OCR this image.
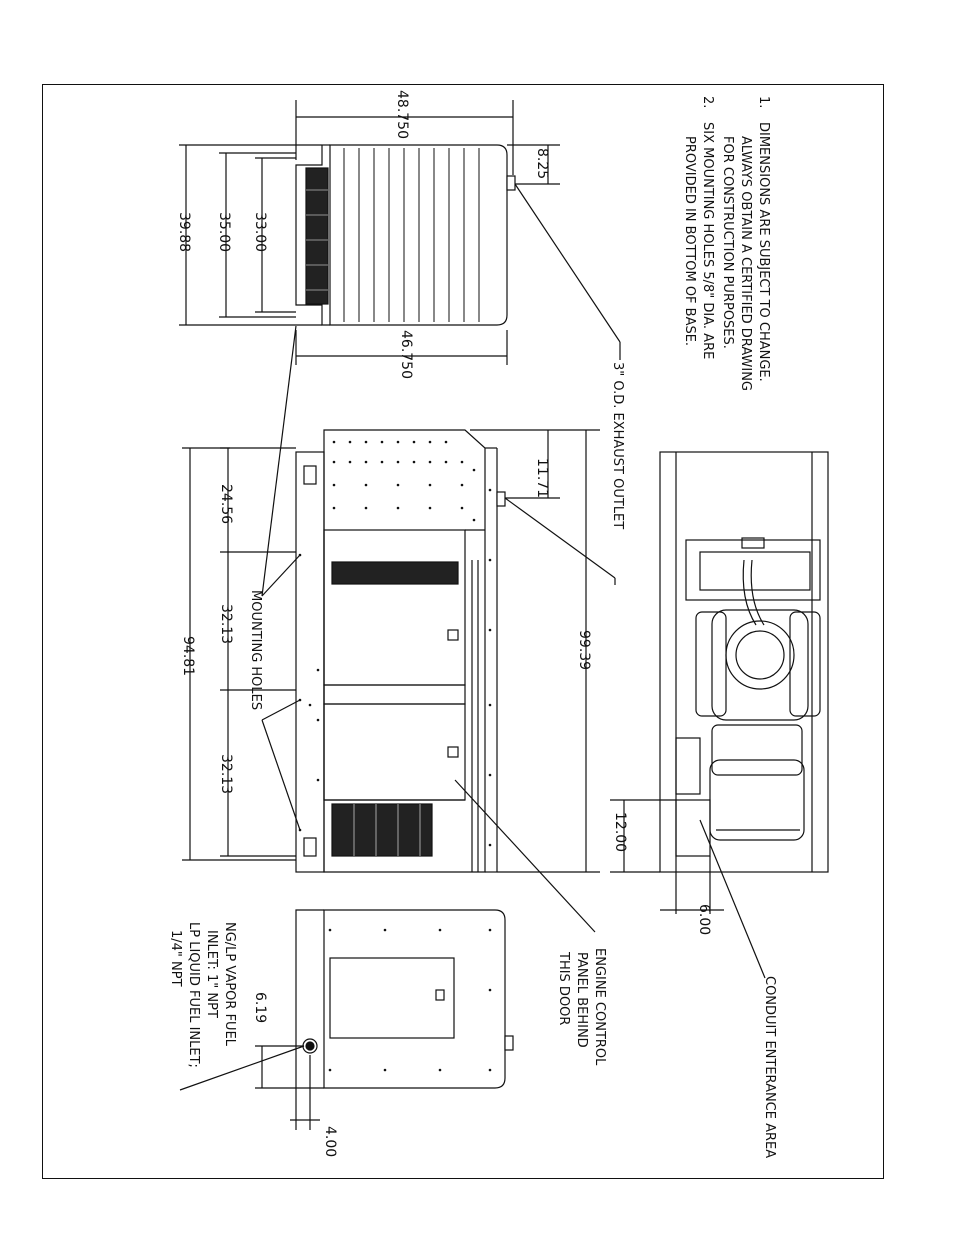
1.
DIMENSIONS ARE SUBJECT TO CHANGE.
ALWAYS OBTAIN A CERTIFIED DRAWING
FOR CONSTRUCTION PURPOSES.
2.
SIX MOUNTING HOLES 5/8" DIA. ARE
PROVIDED IN BOTTOM OF BASE.
48.750
8.25
33.00
35.00
39.88
46.750
11.71
24.56
32.13
32.13
94.81	99.39
12.00
6.00
6.19
4.00
3" O.D. EXHAUST OUTLET
MOUNTING HOLES
CONDUIT ENTERANCE AREA
ENGINE CONTROL
PANEL BEHIND
THIS DOOR
NG/LP VAPOR FUEL
INLET: 1" NPT
LP LIQUID FUEL INLET;
1/4" NPT
